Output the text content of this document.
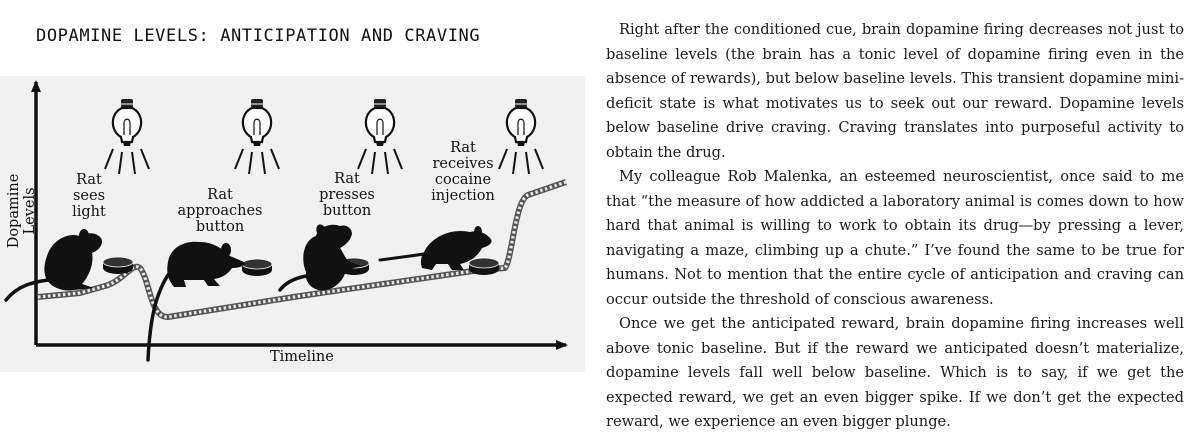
DOPAMINE LEVELS: ANTICIPATION AND CRAVING
Dopamine Levels
Timeline
Rat
sees
light
Rat
approaches
button
Rat
presses
button
Rat
receives
cocaine
injection

Right after the conditioned cue, brain dopamine firing decreases not just to baseline levels (the brain has a tonic level of dopamine firing even in the absence of rewards), but below baseline levels. This transient dopamine mini-deficit state is what motivates us to seek out our reward. Dopamine levels below baseline drive craving. Craving translates into purposeful activity to obtain the drug.

My colleague Rob Malenka, an esteemed neuroscientist, once said to me that “the measure of how addicted a laboratory animal is comes down to how hard that animal is willing to work to obtain its drug—by pressing a lever, navigating a maze, climbing up a chute.” I’ve found the same to be true for humans. Not to mention that the entire cycle of anticipation and craving can occur outside the threshold of conscious awareness.

Once we get the anticipated reward, brain dopamine firing increases well above tonic baseline. But if the reward we anticipated doesn’t materialize, dopamine levels fall well below baseline. Which is to say, if we get the expected reward, we get an even bigger spike. If we don’t get the expected reward, we experience an even bigger plunge.
